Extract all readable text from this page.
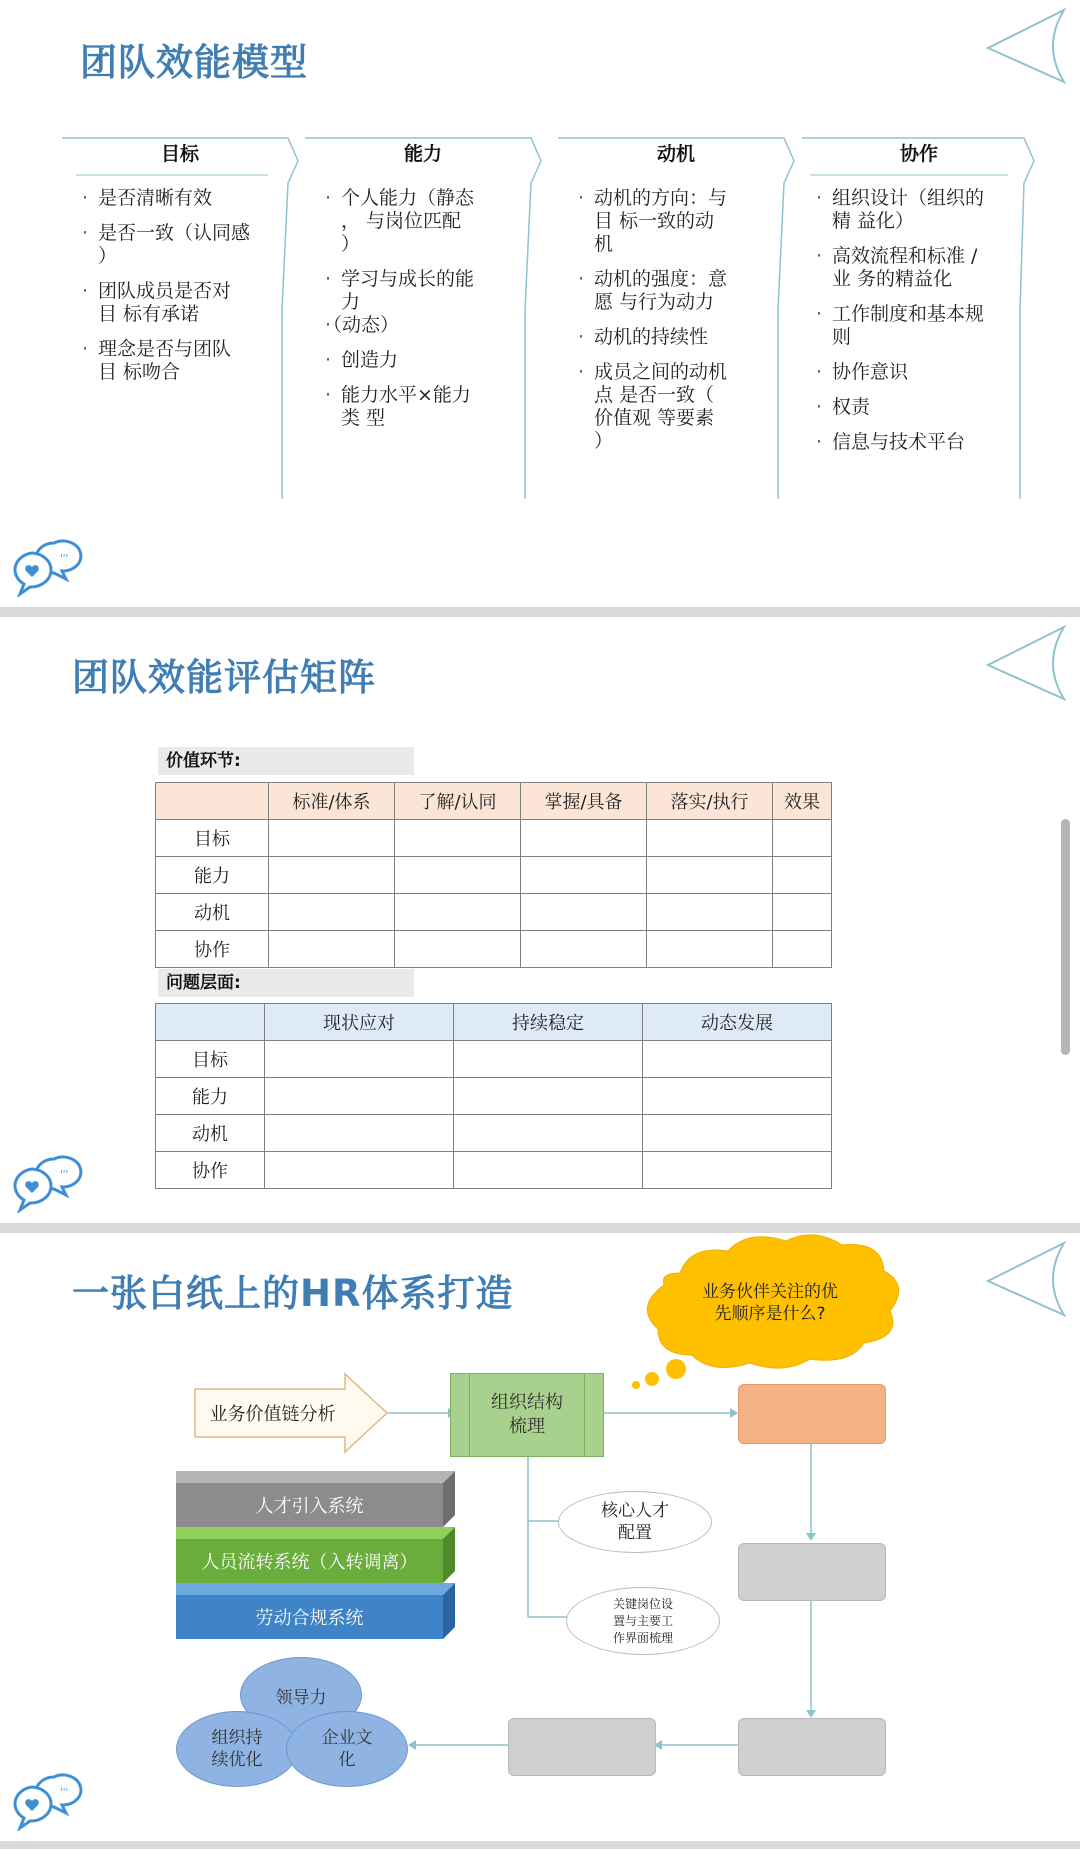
团队效能模型
目标
· 是否清晰有效
· 是否一致（认同感
）
· 团队成员是否对
目 标有承诺
· 理念是否与团队
目 标吻合
能力
· 个人能力（静态
， 与岗位匹配
）
· 学习与成长的能
力
· （动态）
· 创造力
· 能力水平×能力
类 型
动机
· 动机的方向：与
目 标一致的动
机
· 动机的强度：意
愿 与行为动力
· 动机的持续性
· 成员之间的动机
点 是否一致（
价值观 等要素
）
协作
· 组织设计（组织的
精 益化）
· 高效流程和标准 /
业 务的精益化
· 工作制度和基本规
则
· 协作意识
· 权责
· 信息与技术平台
'''
团队效能评估矩阵
价值环节:
	标准/体系	了解/认同	掌握/具备	落实/执行	效果
目标					
能力					
动机					
协作					
问题层面:
	现状应对	持续稳定	动态发展
目标			
能力			
动机			
协作			
'''
一张白纸上的HR体系打造	业务伙伴关注的优
先顺序是什么?
业务价值链分析
组织结构
梳理
核心人才
配置
关键岗位设
置与主要工
作界面梳理
人才引入系统
人员流转系统（入转调离）
劳动合规系统
领导力
组织持
续优化
企业文
化
'''
